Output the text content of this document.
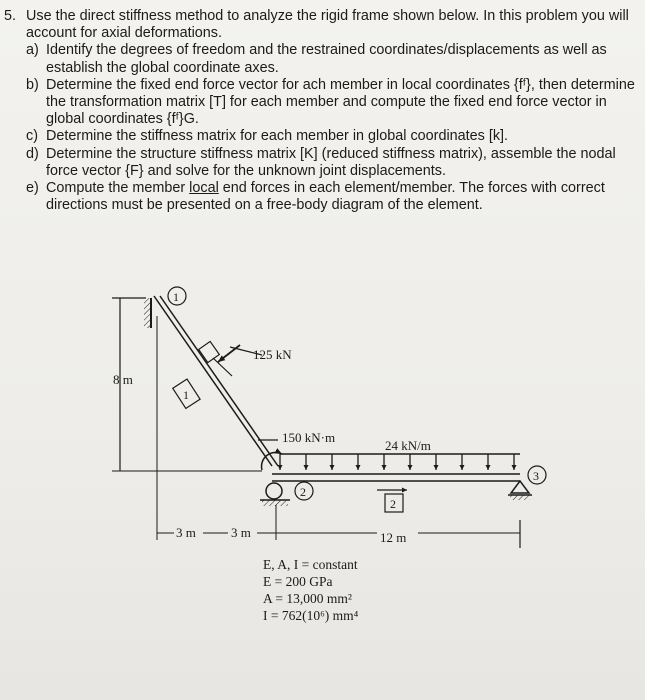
5. Use the direct stiffness method to analyze the rigid frame shown below. In this problem you will account for axial deformations.
a) Identify the degrees of freedom and the restrained coordinates/displacements as well as establish the global coordinate axes.
b) Determine the fixed end force vector for ach member in local coordinates {fᶠ}, then determine the transformation matrix [T] for each member and compute the fixed end force vector in global coordinates {fᶠ}G.
c) Determine the stiffness matrix for each member in global coordinates [k].
d) Determine the structure stiffness matrix [K] (reduced stiffness matrix), assemble the nodal force vector {F} and solve for the unknown joint displacements.
e) Compute the member local end forces in each element/member. The forces with correct directions must be presented on a free-body diagram of the element.
8 m
3 m	3 m	12 m
125 kN
150 kN·m
24 kN/m
1
2
3
1
2
E, A, I = constant
E = 200 GPa
A = 13,000 mm²
I = 762(10⁶) mm⁴
